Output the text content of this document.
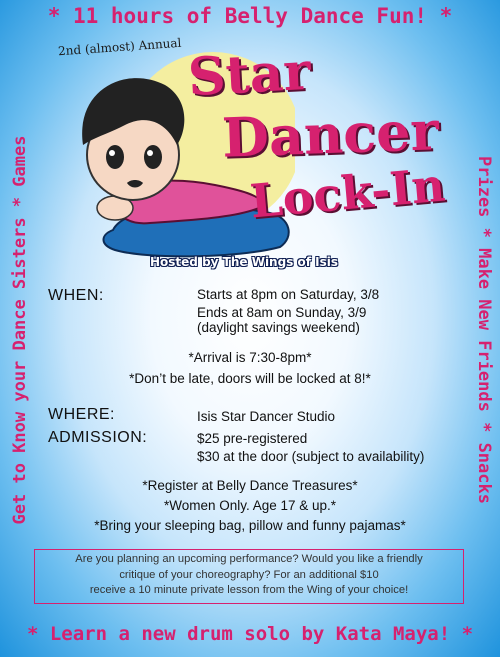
* 11 hours of Belly Dance Fun! *
Get to Know your Dance Sisters * Games	Prizes * Make New Friends * Snacks
2nd (almost) Annual Star
Dancer
Lock-In
Hosted by The Wings of Isis
WHEN:	Starts at 8pm on Saturday, 3/8
Ends at 8am on Sunday, 3/9
(daylight savings weekend)
*Arrival is 7:30-8pm*
*Don’t be late, doors will be locked at 8!*
WHERE:	Isis Star Dancer Studio
ADMISSION:	$25 pre-registered
$30 at the door (subject to availability)
*Register at Belly Dance Treasures*
*Women Only. Age 17 & up.*
*Bring your sleeping bag, pillow and funny pajamas*
Are you planning an upcoming performance? Would you like a friendly
critique of your choreography? For an additional $10
receive a 10 minute private lesson from the Wing of your choice!
* Learn a new drum solo by Kata Maya! *
